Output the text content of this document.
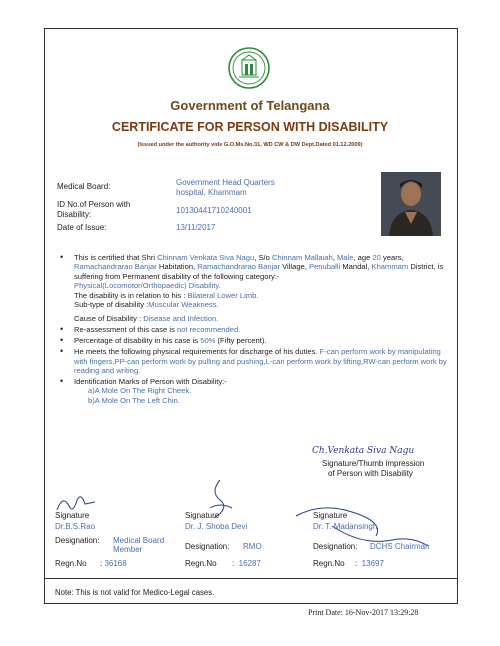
Government of Telangana
CERTIFICATE FOR PERSON WITH DISABILITY
(Issued under the authority vide G.O.Ms.No.31, WD CW & DW Dept.Dated 01.12.2009)
Medical Board:	Government Head Quarters
hospital, Khammam
ID No.of Person with
Disability:	10130441710240001
Date of Issue:	13/11/2017
• This is certified that Shri Chinnam Venkata Siva Nagu, S/o Chinnam Mallaiah, Male, age 20 years, Ramachandrarao Banjar Habitation, Ramachandrarao Banjar Village, Penuballi Mandal, Khammam District, is suffering from Permanent disability of the following category:-
Physical(Locomotor/Orthopaedic) Disability.
The disability is in relation to his : Bilateral Lower Limb.
Sub-type of disability :Muscular Weakness.
Cause of Disability : Disease and Infection.
• Re-assessment of this case is not recommended.
• Percentage of disability in his case is 50% (Fifty percent).
• He meets the following physical requirements for discharge of his duties. F-can perform work by manipulating with fingers,PP-can perform work by pulling and pushing,L-can perform work by lifting,RW-can perform work by reading and writing.
• Identification Marks of Person with Disability:-
a)A Mole On The Right Cheek.
b)A Mole On The Left Chin.
Ch.Venkata Siva Nagu
Signature/Thumb impression
of Person with Disability
Signature
Dr.B.S.Rao
Designation: Medical Board Member
Regn.No : 36168
Signature
Dr. J. Shoba Devi
Designation: RMO
Regn.No :  16287
Signature
Dr. T. Madansingh
Designation: DCHS Chairman
Regn.No :  13697
Note: This is not valid for Medico-Legal cases.
Print Date: 16-Nov-2017 13:29:28
